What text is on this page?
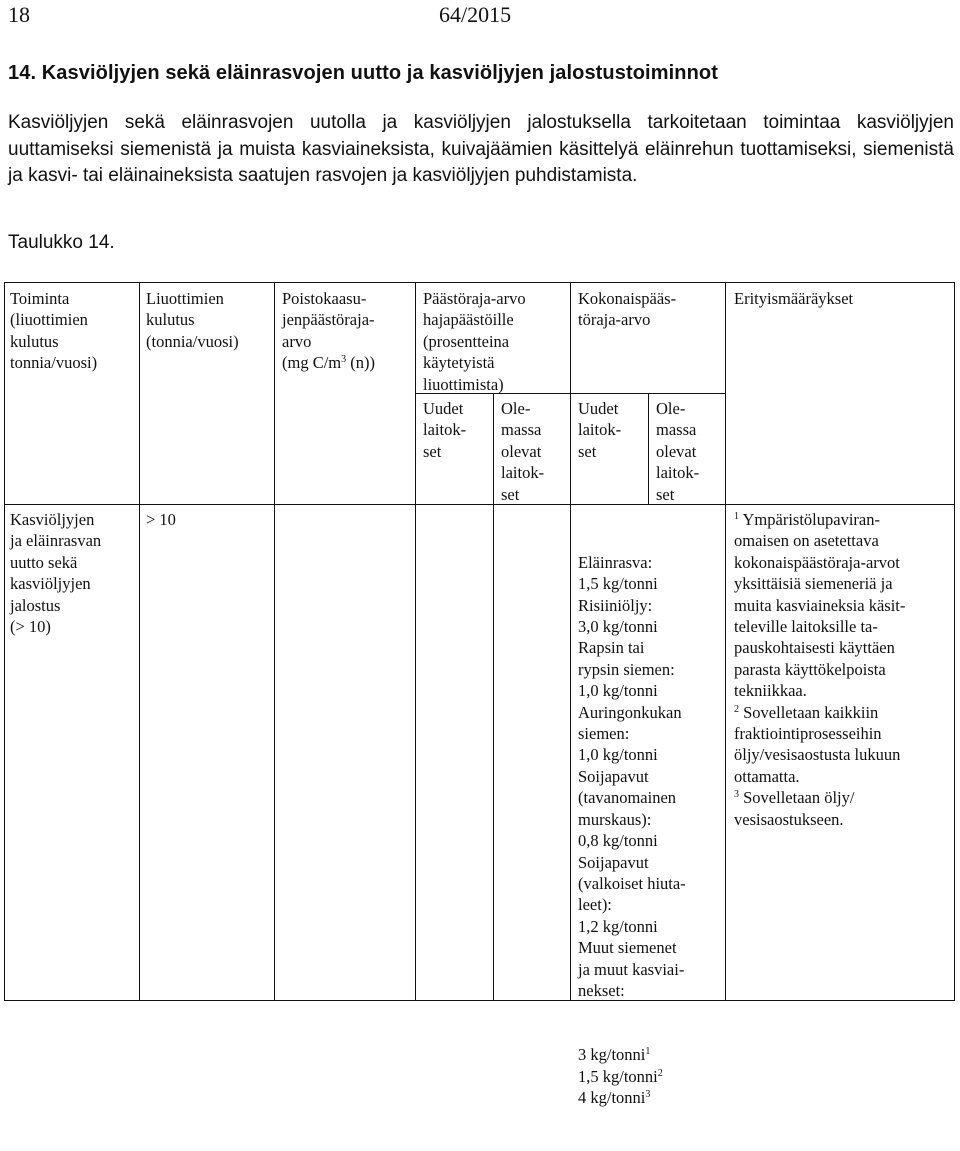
18	64/2015
14. Kasviöljyjen sekä eläinrasvojen uutto ja kasviöljyjen jalostustoiminnot

Kasviöljyjen sekä eläinrasvojen uutolla ja kasviöljyjen jalostuksella tarkoitetaan toimintaa kasviöljyjen uuttamiseksi siemenistä ja muista kasviaineksista, kuivajäämien käsittelyä eläinrehun tuottamiseksi, siemenistä ja kasvi- tai eläinaineksista saatujen rasvojen ja kasviöljyjen puhdistamista.

Taulukko 14.

Toiminta
(liuottimien
kulutus
tonnia/vuosi)
Liuottimien
kulutus
(tonnia/vuosi)
Poistokaasu-
jenpäästöraja-
arvo
(mg $C/m^3$ (n))
Päästöraja-arvo
hajapäästöille
(prosentteina
käytetyistä
liuottimista)
Kokonaispääs-
töraja-arvo
Erityismääräykset
Uudet
laitok-
set
Ole-
massa
olevat
laitok-
set
Uudet
laitok-
set
Ole-
massa
olevat
laitok-
set
Kasviöljyjen
ja eläinrasvan
uutto sekä
kasviöljyjen
jalostus
(> 10)
> 10

Eläinrasva:
1,5 kg/tonni
Risiiniöljy:
3,0 kg/tonni
Rapsin tai
rypsin siemen:
1,0 kg/tonni
Auringonkukan
siemen:
1,0 kg/tonni
Soijapavut
(tavanomainen
murskaus):
0,8 kg/tonni
Soijapavut
(valkoiset hiuta-
leet):
1,2 kg/tonni
Muut siemenet
ja muut kasviai-
nekset:

3 kg/tonni$^1$
1,5 kg/tonni$^2$
4 kg/tonni$^3$

$^1$ Ympäristölupaviran-
omaisen on asetettava
kokonaispäästöraja-arvot
yksittäisiä siemeneriä ja
muita kasviaineksia käsit-
televille laitoksille ta-
pauskohtaisesti käyttäen
parasta käyttökelpoista
tekniikkaa.
$^2$ Sovelletaan kaikkiin
fraktiointiprosesseihin
öljy/vesisaostusta lukuun
ottamatta.
$^3$ Sovelletaan öljy/
vesisaostukseen.
